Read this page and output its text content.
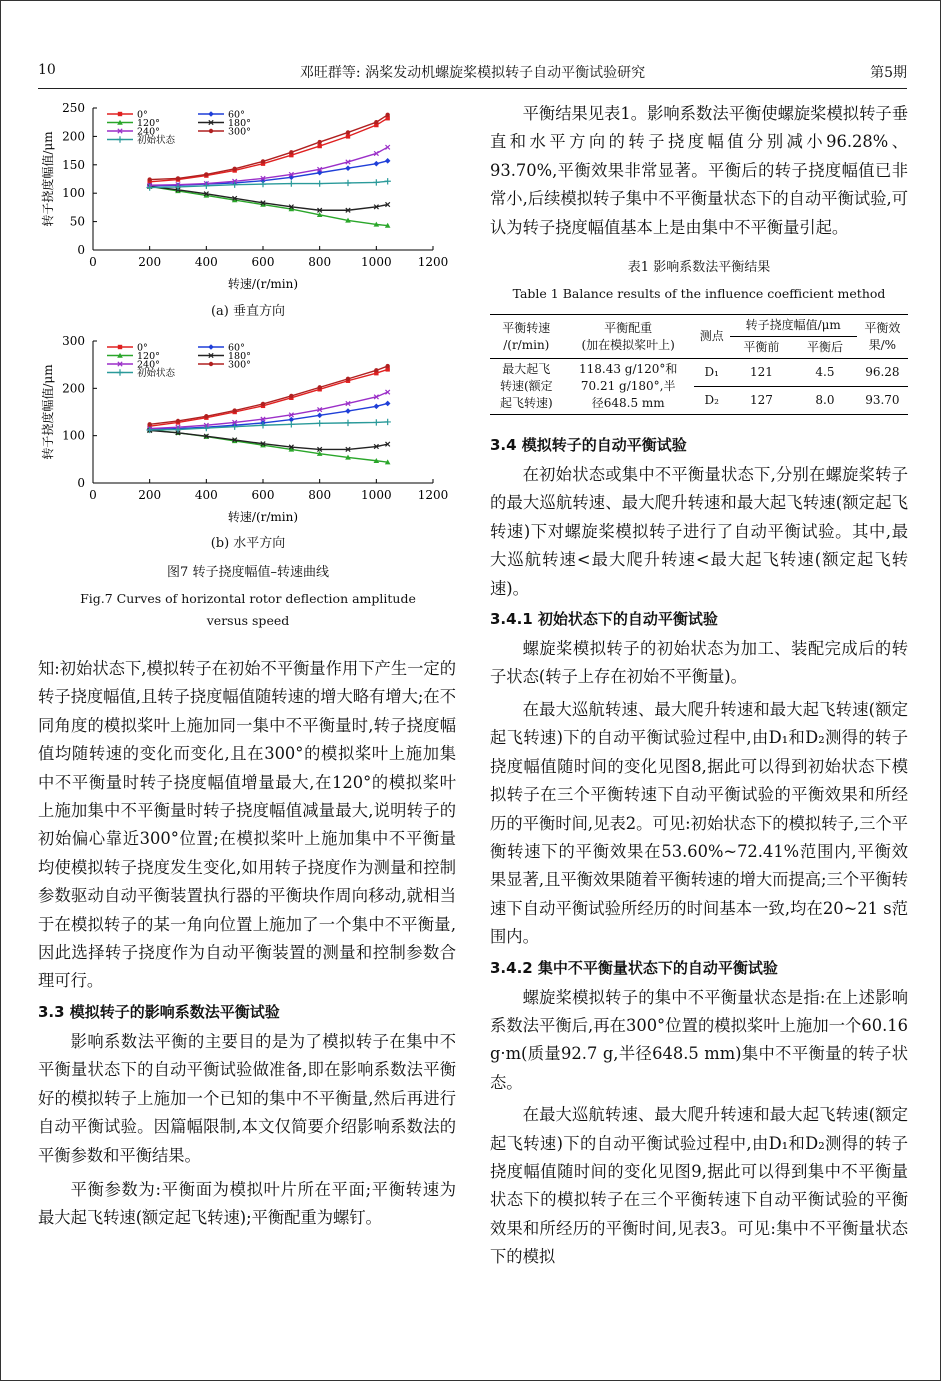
10	邓旺群等: 涡桨发动机螺旋桨模拟转子自动平衡试验研究	第5期
0	200	400	600	800 1000 1200
0
50
100
150
200
250
转速/(r/min)
转子挠度幅值/μm
0°
120°
240°
初始状态
60°
180°
300°
(a) 垂直方向
0	200	400	600	800 1000 1200
0
100
200
300
转速/(r/min)
转子挠度幅值/μm
0°
120°
240°
初始状态
60°
180°
300°
(b) 水平方向
图7 转子挠度幅值–转速曲线
Fig.7 Curves of horizontal rotor deflection amplitude
versus speed

知:初始状态下,模拟转子在初始不平衡量作用下产生一定的转子挠度幅值,且转子挠度幅值随转速的增大略有增大;在不同角度的模拟桨叶上施加同一集中不平衡量时,转子挠度幅值均随转速的变化而变化,且在300°的模拟桨叶上施加集中不平衡量时转子挠度幅值增量最大,在120°的模拟桨叶上施加集中不平衡量时转子挠度幅值减量最大,说明转子的初始偏心靠近300°位置;在模拟桨叶上施加集中不平衡量均使模拟转子挠度发生变化,如用转子挠度作为测量和控制参数驱动自动平衡装置执行器的平衡块作周向移动,就相当于在模拟转子的某一角向位置上施加了一个集中不平衡量,因此选择转子挠度作为自动平衡装置的测量和控制参数合理可行。

3.3 模拟转子的影响系数法平衡试验

影响系数法平衡的主要目的是为了模拟转子在集中不平衡量状态下的自动平衡试验做准备,即在影响系数法平衡好的模拟转子上施加一个已知的集中不平衡量,然后再进行自动平衡试验。因篇幅限制,本文仅简要介绍影响系数法的平衡参数和平衡结果。

平衡参数为:平衡面为模拟叶片所在平面;平衡转速为最大起飞转速(额定起飞转速);平衡配重为螺钉。

平衡结果见表1。影响系数法平衡使螺旋桨模拟转子垂直和水平方向的转子挠度幅值分别减小96.28%、93.70%,平衡效果非常显著。平衡后的转子挠度幅值已非常小,后续模拟转子集中不平衡量状态下的自动平衡试验,可认为转子挠度幅值基本上是由集中不平衡量引起。

表1 影响系数法平衡结果
Table 1 Balance results of the influence coefficient method
平衡转速
/(r/min)	平衡配重
(加在模拟桨叶上)	测点	转子挠度幅值/μm		平衡效
果/%
			平衡前	平衡后	
最大起飞
转速(额定
起飞转速)	118.43 g/120°和
70.21 g/180°,半
径648.5 mm	D₁	121	4.5	96.28
		D₂	127	8.0	93.70
3.4 模拟转子的自动平衡试验

在初始状态或集中不平衡量状态下,分别在螺旋桨转子的最大巡航转速、最大爬升转速和最大起飞转速(额定起飞转速)下对螺旋桨模拟转子进行了自动平衡试验。其中,最大巡航转速<最大爬升转速<最大起飞转速(额定起飞转速)。

3.4.1 初始状态下的自动平衡试验

螺旋桨模拟转子的初始状态为加工、装配完成后的转子状态(转子上存在初始不平衡量)。

在最大巡航转速、最大爬升转速和最大起飞转速(额定起飞转速)下的自动平衡试验过程中,由D₁和D₂测得的转子挠度幅值随时间的变化见图8,据此可以得到初始状态下模拟转子在三个平衡转速下自动平衡试验的平衡效果和所经历的平衡时间,见表2。可见:初始状态下的模拟转子,三个平衡转速下的平衡效果在53.60%~72.41%范围内,平衡效果显著,且平衡效果随着平衡转速的增大而提高;三个平衡转速下自动平衡试验所经历的时间基本一致,均在20~21 s范围内。

3.4.2 集中不平衡量状态下的自动平衡试验

螺旋桨模拟转子的集中不平衡量状态是指:在上述影响系数法平衡后,再在300°位置的模拟桨叶上施加一个60.16 g·m(质量92.7 g,半径648.5 mm)集中不平衡量的转子状态。

在最大巡航转速、最大爬升转速和最大起飞转速(额定起飞转速)下的自动平衡试验过程中,由D₁和D₂测得的转子挠度幅值随时间的变化见图9,据此可以得到集中不平衡量状态下的模拟转子在三个平衡转速下自动平衡试验的平衡效果和所经历的平衡时间,见表3。可见:集中不平衡量状态下的模拟
